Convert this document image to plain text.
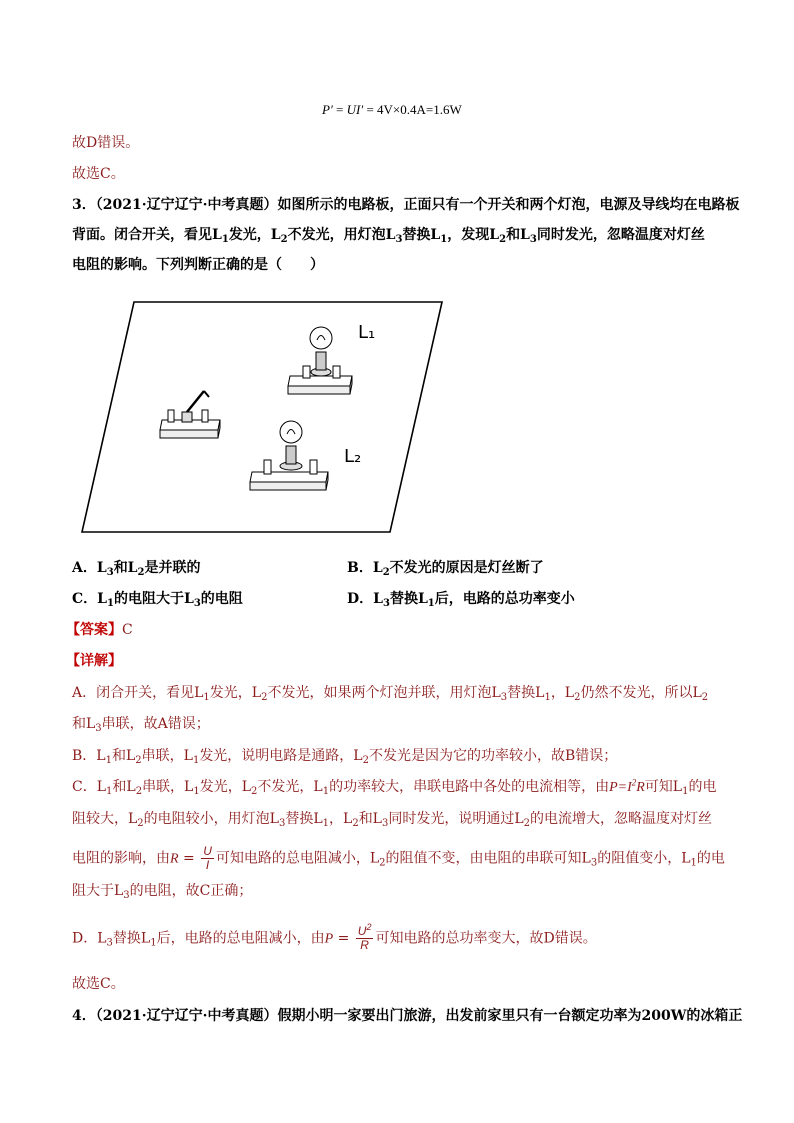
P′ = UI′ = 4V×0.4A=1.6W
故D错误。
故选C。
3．（2021·辽宁辽宁·中考真题）如图所示的电路板，正面只有一个开关和两个灯泡，电源及导线均在电路板
背面。闭合开关，看见$L_1$发光，$L_2$不发光，用灯泡$L_3$替换$L_1$，发现$L_2$和$L_3$同时发光，忽略温度对灯丝
电阻的影响。下列判断正确的是（　　）
L₁
L₂
A．$L_3$和$L_2$是并联的	B．$L_2$不发光的原因是灯丝断了
C．$L_1$的电阻大于$L_3$的电阻	D．$L_3$替换$L_1$后，电路的总功率变小
【答案】C
【详解】
A．闭合开关，看见$L_1$发光，$L_2$不发光，如果两个灯泡并联，用灯泡$L_3$替换$L_1$，$L_2$仍然不发光，所以$L_2$
和$L_3$串联，故A错误；
B．$L_1$和$L_2$串联，$L_1$发光，说明电路是通路，$L_2$不发光是因为它的功率较小，故B错误；
C．$L_1$和$L_2$串联，$L_1$发光，$L_2$不发光，$L_1$的功率较大，串联电路中各处的电流相等，由$P=I^2R$可知$L_1$的电
阻较大，$L_2$的电阻较小，用灯泡$L_3$替换$L_1$，$L_2$和$L_3$同时发光，说明通过$L_2$的电流增大，忽略温度对灯丝
电阻的影响，由$R = \frac{U}{I}$ 可知电路的总电阻减小，$L_2$的阻值不变，由电阻的串联可知$L_3$的阻值变小，$L_1$的电
阻大于$L_3$的电阻，故C正确；
D．$L_3$替换$L_1$后，电路的总电阻减小，由$P = \frac{U^2}{R}$ 可知电路的总功率变大，故D错误。
故选C。
4．（2021·辽宁辽宁·中考真题）假期小明一家要出门旅游，出发前家里只有一台额定功率为200W的冰箱正
